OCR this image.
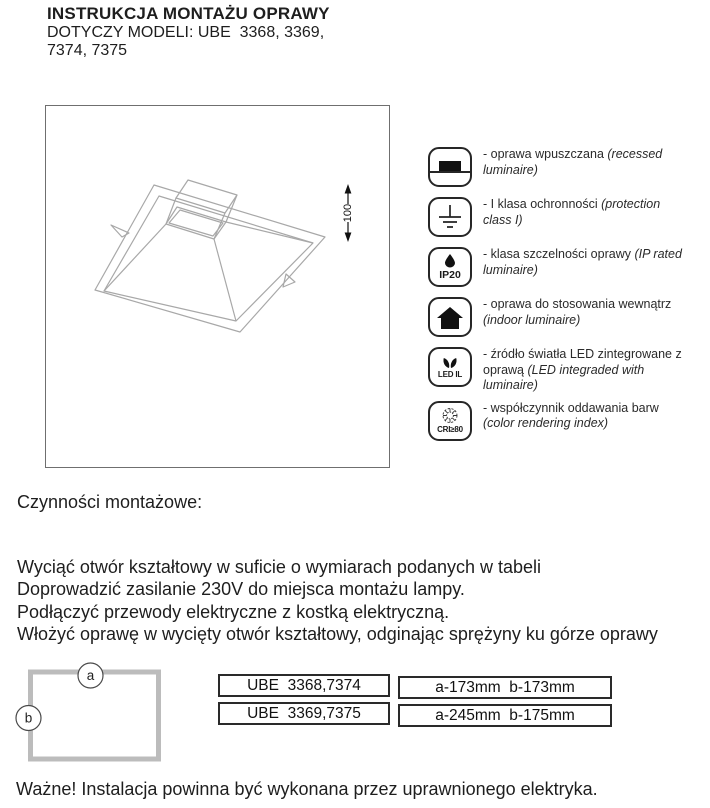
INSTRUKCJA MONTAŻU OPRAWY
DOTYCZY MODELI: UBE  3368, 3369,
7374, 7375
100
- oprawa wpuszczana (recessed luminaire)
- I klasa ochronności (protection class I)
IP20
- klasa szczelności oprawy (IP rated luminaire)
- oprawa do stosowania wewnątrz (indoor luminaire)
LED IL
- źródło światła LED zintegrowane z oprawą (LED integraded with luminaire)
CRI≥80
- współczynnik oddawania barw (color rendering index)
Czynności montażowe:
Wyciąć otwór kształtowy w suficie o wymiarach podanych w tabeli
Doprowadzić zasilanie 230V do miejsca montażu lampy.
Podłączyć przewody elektryczne z kostką elektryczną.
Włożyć oprawę w wycięty otwór kształtowy, odginając sprężyny ku górze oprawy
a
b
UBE  3368,7374	a-173mm  b-173mm
UBE  3369,7375	a-245mm  b-175mm
Ważne! Instalacja powinna być wykonana przez uprawnionego elektryka.
